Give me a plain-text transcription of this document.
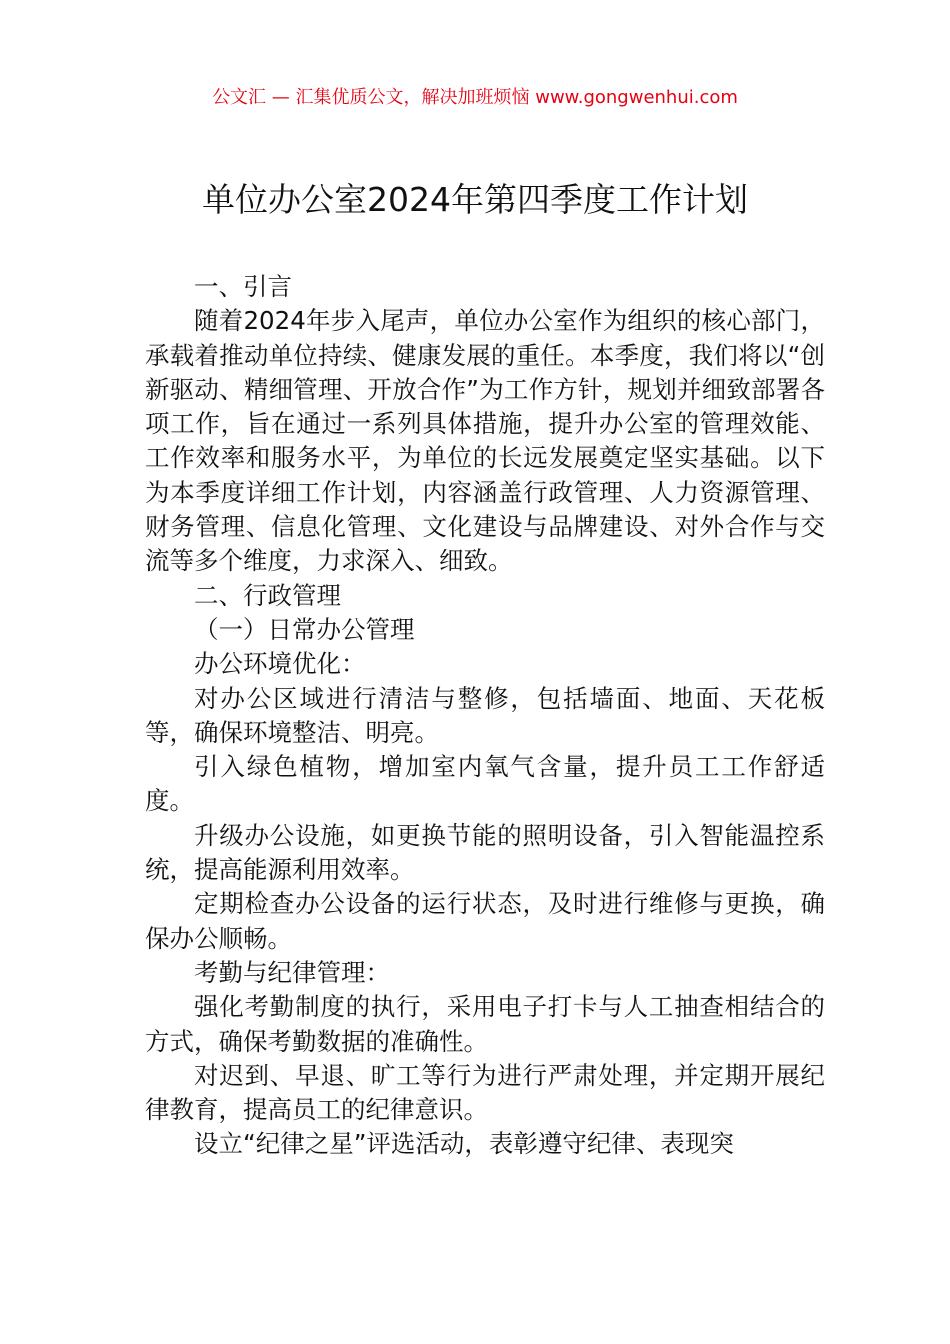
公文汇 — 汇集优质公文，解决加班烦恼 www.gongwenhui.com
单位办公室2024年第四季度工作计划

一、引言

随着2024年步入尾声，单位办公室作为组织的核心部门，承载着推动单位持续、健康发展的重任。本季度，我们将以“创新驱动、精细管理、开放合作”为工作方针，规划并细致部署各项工作，旨在通过一系列具体措施，提升办公室的管理效能、工作效率和服务水平，为单位的长远发展奠定坚实基础。以下为本季度详细工作计划，内容涵盖行政管理、人力资源管理、财务管理、信息化管理、文化建设与品牌建设、对外合作与交流等多个维度，力求深入、细致。

二、行政管理

（一）日常办公管理

办公环境优化：

对办公区域进行清洁与整修，包括墙面、地面、天花板等，确保环境整洁、明亮。

引入绿色植物，增加室内氧气含量，提升员工工作舒适度。

升级办公设施，如更换节能的照明设备，引入智能温控系统，提高能源利用效率。

定期检查办公设备的运行状态，及时进行维修与更换，确保办公顺畅。

考勤与纪律管理：

强化考勤制度的执行，采用电子打卡与人工抽查相结合的方式，确保考勤数据的准确性。

对迟到、早退、旷工等行为进行严肃处理，并定期开展纪律教育，提高员工的纪律意识。

设立“纪律之星”评选活动，表彰遵守纪律、表现突
